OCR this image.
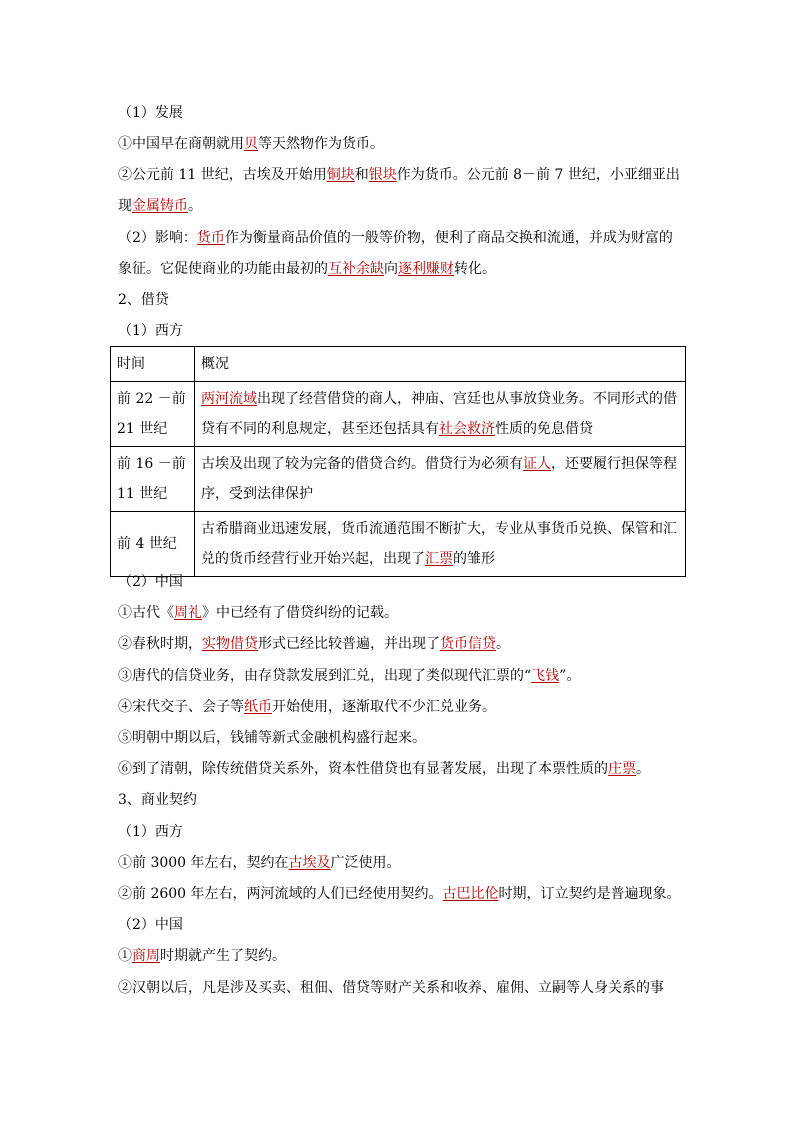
（1）发展
①中国早在商朝就用贝等天然物作为货币。
②公元前 11 世纪，古埃及开始用铜块和银块作为货币。公元前 8－前 7 世纪，小亚细亚出
现金属铸币。
（2）影响：货币作为衡量商品价值的一般等价物，便利了商品交换和流通，并成为财富的
象征。它促使商业的功能由最初的互补余缺向逐利赚财转化。
2、借贷
（1）西方
时间	概况

前 22 －前
21 世纪	两河流域出现了经营借贷的商人，神庙、宫廷也从事放贷业务。不同形式的借
贷有不同的利息规定，甚至还包括具有社会救济性质的免息借贷

前 16 －前
11 世纪	古埃及出现了较为完备的借贷合约。借贷行为必须有证人，还要履行担保等程
序，受到法律保护

前 4 世纪	古希腊商业迅速发展，货币流通范围不断扩大，专业从事货币兑换、保管和汇
兑的货币经营行业开始兴起，出现了汇票的雏形
（2）中国
①古代《周礼》中已经有了借贷纠纷的记载。
②春秋时期，实物借贷形式已经比较普遍，并出现了货币信贷。
③唐代的信贷业务，由存贷款发展到汇兑，出现了类似现代汇票的“飞钱”。
④宋代交子、会子等纸币开始使用，逐渐取代不少汇兑业务。
⑤明朝中期以后，钱铺等新式金融机构盛行起来。
⑥到了清朝，除传统借贷关系外，资本性借贷也有显著发展，出现了本票性质的庄票。
3、商业契约
（1）西方
①前 3000 年左右，契约在古埃及广泛使用。
②前 2600 年左右，两河流域的人们已经使用契约。古巴比伦时期，订立契约是普遍现象。
（2）中国
①商周时期就产生了契约。
②汉朝以后，凡是涉及买卖、租佃、借贷等财产关系和收养、雇佣、立嗣等人身关系的事
